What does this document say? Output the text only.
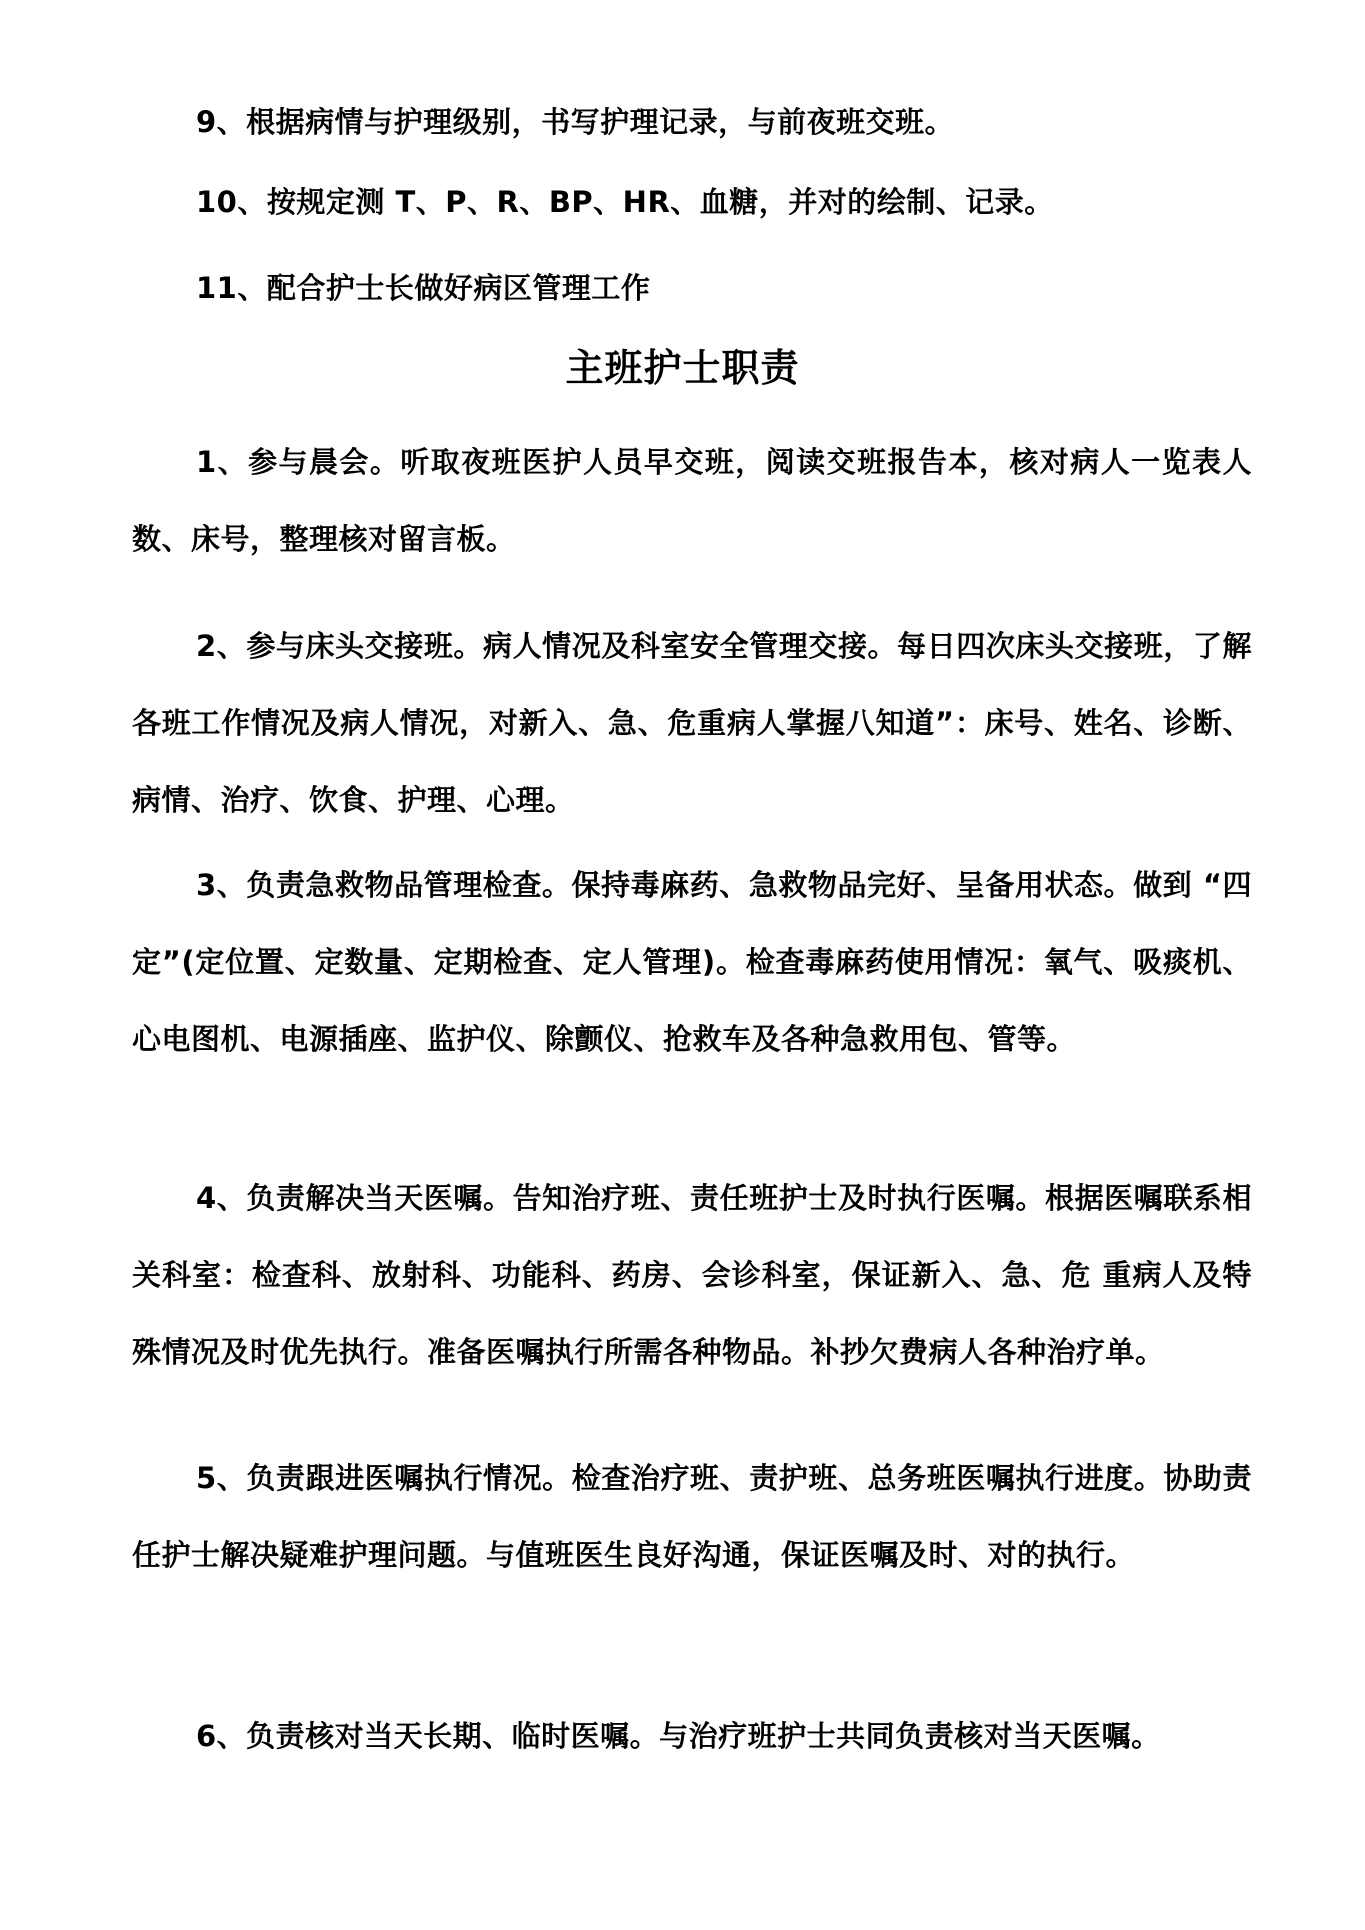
9、根据病情与护理级别，书写护理记录，与前夜班交班。

10、按规定测 T、P、R、BP、HR、血糖，并对的绘制、记录。

11、配合护士长做好病区管理工作

主班护士职责

1、参与晨会。听取夜班医护人员早交班，阅读交班报告本，核对病人一览表人数、床号，整理核对留言板。

2、参与床头交接班。病人情况及科室安全管理交接。每日四次床头交接班，了解各班工作情况及病人情况，对新入、急、危重病人掌握八知道”：床号、姓名、诊断、病情、治疗、饮食、护理、心理。

3、负责急救物品管理检查。保持毒麻药、急救物品完好、呈备用状态。做到 “四定”(定位置、定数量、定期检查、定人管理)。检查毒麻药使用情况：氧气、吸痰机、心电图机、电源插座、监护仪、除颤仪、抢救车及各种急救用包、管等。

4、负责解决当天医嘱。告知治疗班、责任班护士及时执行医嘱。根据医嘱联系相关科室：检查科、放射科、功能科、药房、会诊科室，保证新入、急、危 重病人及特殊情况及时优先执行。准备医嘱执行所需各种物品。补抄欠费病人各种治疗单。

5、负责跟进医嘱执行情况。检查治疗班、责护班、总务班医嘱执行进度。协助责任护士解决疑难护理问题。与值班医生良好沟通，保证医嘱及时、对的执行。

6、负责核对当天长期、临时医嘱。与治疗班护士共同负责核对当天医嘱。
